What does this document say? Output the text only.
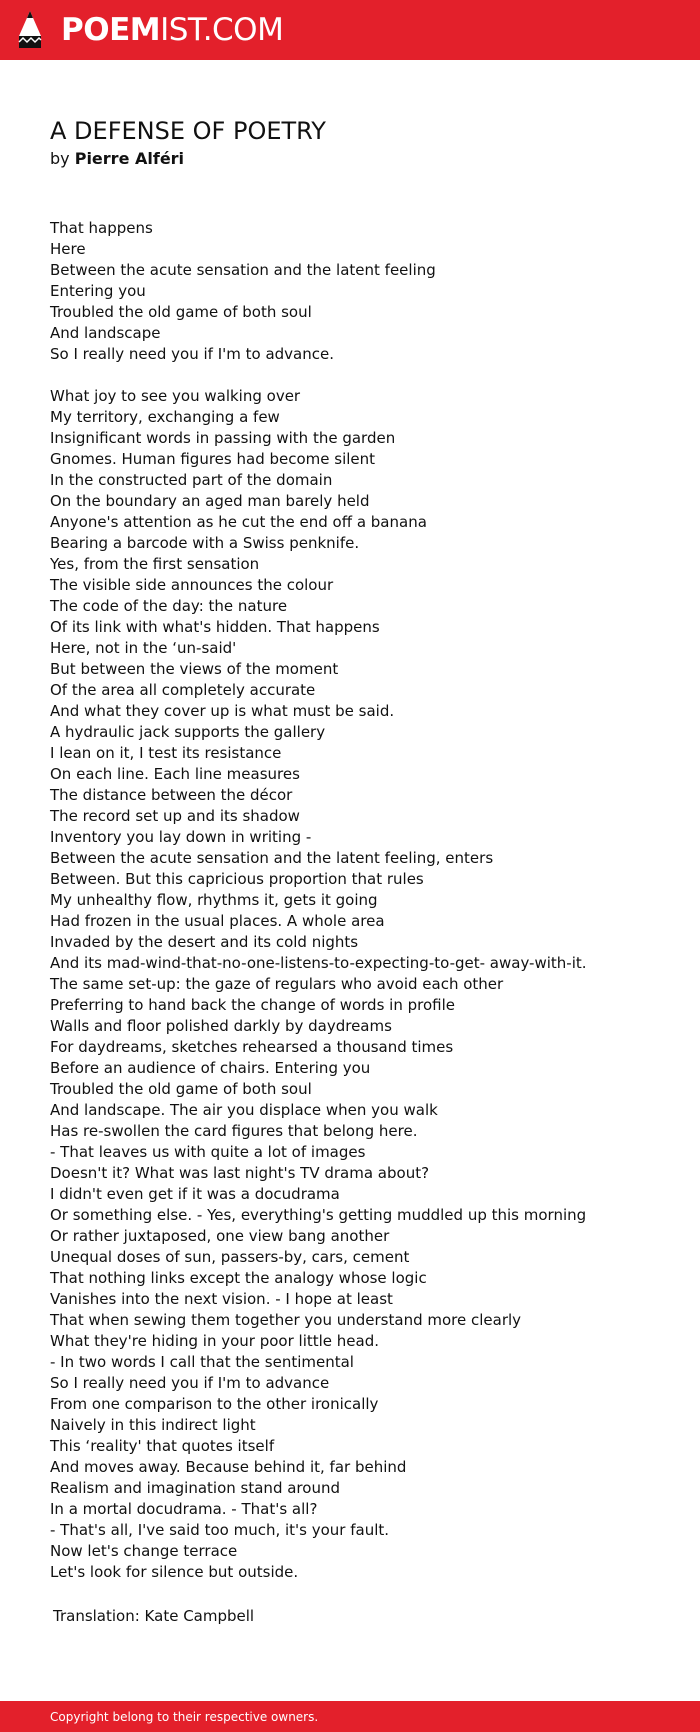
POEMIST.COM
A DEFENSE OF POETRY
by Pierre Alféri
That happens
Here
Between the acute sensation and the latent feeling
Entering you
Troubled the old game of both soul
And landscape
So I really need you if I'm to advance.
What joy to see you walking over
My territory, exchanging a few
Insignificant words in passing with the garden
Gnomes. Human figures had become silent
In the constructed part of the domain
On the boundary an aged man barely held
Anyone's attention as he cut the end off a banana
Bearing a barcode with a Swiss penknife.
Yes, from the first sensation
The visible side announces the colour
The code of the day: the nature
Of its link with what's hidden. That happens
Here, not in the ‘un-said'
But between the views of the moment
Of the area all completely accurate
And what they cover up is what must be said.
A hydraulic jack supports the gallery
I lean on it, I test its resistance
On each line. Each line measures
The distance between the décor
The record set up and its shadow
Inventory you lay down in writing -
Between the acute sensation and the latent feeling, enters
Between. But this capricious proportion that rules
My unhealthy flow, rhythms it, gets it going
Had frozen in the usual places. A whole area
Invaded by the desert and its cold nights
And its mad-wind-that-no-one-listens-to-expecting-to-get- away-with-it.
The same set-up: the gaze of regulars who avoid each other
Preferring to hand back the change of words in profile
Walls and floor polished darkly by daydreams
For daydreams, sketches rehearsed a thousand times
Before an audience of chairs. Entering you
Troubled the old game of both soul
And landscape. The air you displace when you walk
Has re-swollen the card figures that belong here.
- That leaves us with quite a lot of images
Doesn't it? What was last night's TV drama about?
I didn't even get if it was a docudrama
Or something else. - Yes, everything's getting muddled up this morning
Or rather juxtaposed, one view bang another
Unequal doses of sun, passers-by, cars, cement
That nothing links except the analogy whose logic
Vanishes into the next vision. - I hope at least
That when sewing them together you understand more clearly
What they're hiding in your poor little head.
- In two words I call that the sentimental
So I really need you if I'm to advance
From one comparison to the other ironically
Naively in this indirect light
This ‘reality' that quotes itself
And moves away. Because behind it, far behind
Realism and imagination stand around
In a mortal docudrama. - That's all?
- That's all, I've said too much, it's your fault.
Now let's change terrace
Let's look for silence but outside.
Translation: Kate Campbell
Copyright belong to their respective owners.
